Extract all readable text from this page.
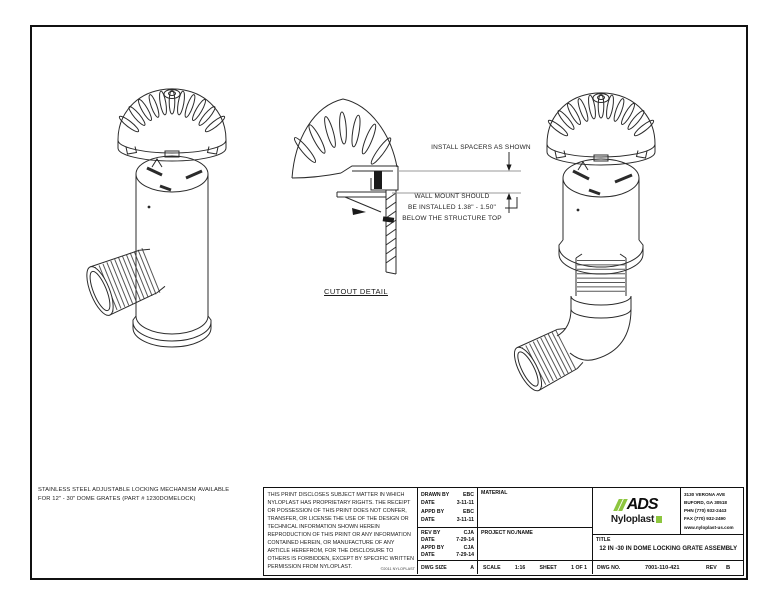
INSTALL SPACERS AS SHOWN
WALL MOUNT SHOULD
BE INSTALLED 1.38" - 1.50"
BELOW THE STRUCTURE TOP
CUTOUT DETAIL
STAINLESS STEEL ADJUSTABLE LOCKING MECHANISM AVAILABLE
FOR 12" - 30" DOME GRATES (PART # 1230DOMELOCK)
THIS PRINT DISCLOSES SUBJECT MATTER IN WHICH NYLOPLAST HAS PROPRIETARY RIGHTS. THE RECEIPT OR POSSESSION OF THIS PRINT DOES NOT CONFER, TRANSFER, OR LICENSE THE USE OF THE DESIGN OR TECHNICAL INFORMATION SHOWN HEREIN REPRODUCTION OF THIS PRINT OR ANY INFORMATION CONTAINED HEREIN, OR MANUFACTURE OF ANY ARTICLE HEREFROM, FOR THE DISCLOSURE TO OTHERS IS FORBIDDEN, EXCEPT BY SPECIFIC WRITTEN PERMISSION FROM NYLOPLAST.	©2011 NYLOPLAST
DRAWN BY	EBC
DATE	3-11-11
APPD BY	EBC
DATE	3-11-11
REV BY	CJA
DATE	7-29-14
APPD BY	CJA
DATE	7-29-14
DWG SIZE	A
MATERIAL
PROJECT NO./NAME
SCALE	1:16	SHEET	1 OF 1
ADS
Nyloplast
3130 VERONA AVE
BUFORD, GA 30518
PHN (770) 932-2443
FAX (770) 932-2490
www.nyloplast-us.com
TITLE
12 IN -30 IN DOME LOCKING GRATE ASSEMBLY
DWG NO.	7001-110-421	REV B
